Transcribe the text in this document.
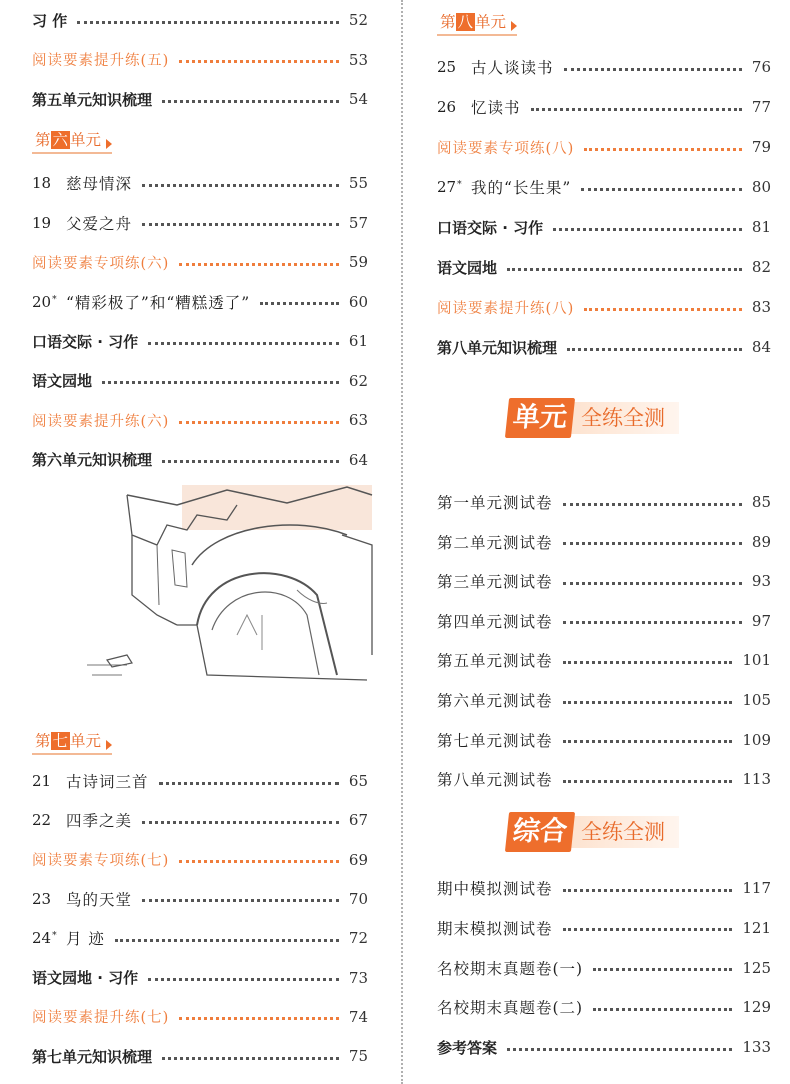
习 作	52
阅读要素提升练(五)	53
第五单元知识梳理	54
第 六 单元
18 慈母情深	55
19 父爱之舟	57
阅读要素专项练(六)	59
20* “精彩极了”和“糟糕透了”	60
口语交际 · 习作	61
语文园地	62
阅读要素提升练(六)	63
第六单元知识梳理	64
第 七 单元
21 古诗词三首	65
22 四季之美	67
阅读要素专项练(七)	69
23 鸟的天堂	70
24* 月 迹	72
语文园地 · 习作	73
阅读要素提升练(七)	74
第七单元知识梳理	75
第 八 单元
25 古人谈读书	76
26 忆读书	77
阅读要素专项练(八)	79
27* 我的“长生果”	80
口语交际 · 习作	81
语文园地	82
阅读要素提升练(八)	83
第八单元知识梳理	84
单元 全练全测
第一单元测试卷	85
第二单元测试卷	89
第三单元测试卷	93
第四单元测试卷	97
第五单元测试卷	101
第六单元测试卷	105
第七单元测试卷	109
第八单元测试卷	113
综合 全练全测
期中模拟测试卷	117
期末模拟测试卷	121
名校期末真题卷(一)	125
名校期末真题卷(二)	129
参考答案	133
